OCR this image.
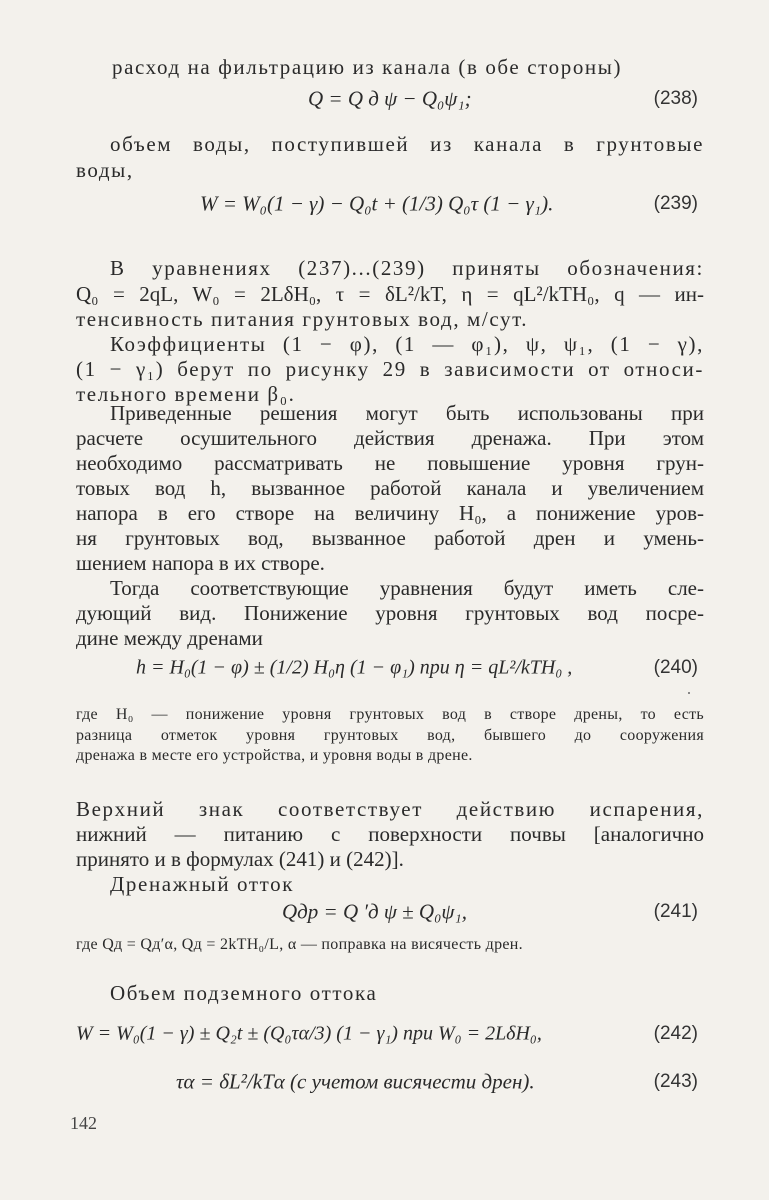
расход на фильтрацию из канала (в обе стороны)
Q = Q д ψ − Q₀ψ₁;	(238)
объем воды, поступившей из канала в грунтовые
воды,
W = W₀(1 − γ) − Q₀t + (1/3) Q₀τ (1 − γ₁).	(239)
В уравнениях (237)...(239) приняты обозначения:
Q₀ = 2qL, W₀ = 2LδH₀, τ = δL²/kT, η = qL²/kTH₀, q — ин-
тенсивность питания грунтовых вод, м/сут.
Коэффициенты (1 − φ), (1 — φ₁), ψ, ψ₁, (1 − γ),
(1 − γ₁) берут по рисунку 29 в зависимости от относи-
тельного времени β₀.
Приведенные решения могут быть использованы при
расчете осушительного действия дренажа. При этом
необходимо рассматривать не повышение уровня грун-
товых вод h, вызванное работой канала и увеличением
напора в его створе на величину H₀, а понижение уров-
ня грунтовых вод, вызванное работой дрен и умень-
шением напора в их створе.
Тогда соответствующие уравнения будут иметь сле-
дующий вид. Понижение уровня грунтовых вод посре-
дине между дренами
h = H₀(1 − φ) ± (1/2) H₀η (1 − φ₁) при η = qL²/kTH₀ ,	(240)
где H₀ — понижение уровня грунтовых вод в створе дрены, то есть
разница отметок уровня грунтовых вод, бывшего до сооружения
дренажа в месте его устройства, и уровня воды в дрене.
Верхний знак соответствует действию испарения,
нижний — питанию с поверхности почвы [аналогично
принято и в формулах (241) и (242)].
Дренажный отток
Qдр = Q ′д ψ ± Q₀ψ₁,	(241)
где Qд = Qд′α, Qд = 2kTH₀/L, α — поправка на висячесть дрен.
Объем подземного оттока
W = W₀(1 − γ) ± Q₂t ± (Q₀τα/3) (1 − γ₁) при W₀ = 2LδH₀,	(242)
τα = δL²/kTα (с учетом висячести дрен).	(243)
142
